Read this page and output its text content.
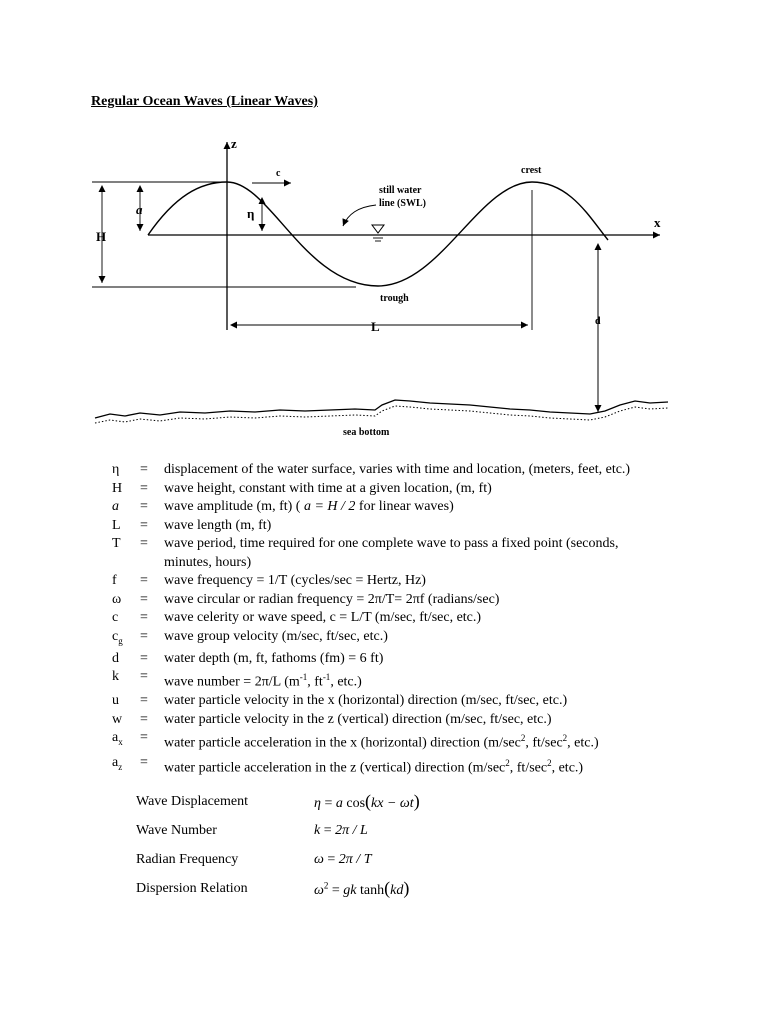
Regular Ocean Waves (Linear Waves)
z
x
c
H
a	η
crest
still water
line (SWL)
trough
L	d
sea bottom
η	=	displacement of the water surface, varies with time and location, (meters, feet, etc.)
H	=	wave height, constant with time at a given location, (m, ft)
a	=	wave amplitude (m, ft) ( a = H / 2 for linear waves)
L	=	wave length (m, ft)
T	=	wave period, time required for one complete wave to pass a fixed point (seconds,
minutes, hours)
f	=	wave frequency = 1/T (cycles/sec = Hertz, Hz)
ω	=	wave circular or radian frequency = 2π/T= 2πf (radians/sec)
c	=	wave celerity or wave speed, c = L/T (m/sec, ft/sec, etc.)
$c_g$	=	wave group velocity (m/sec, ft/sec, etc.)
d	=	water depth (m, ft, fathoms (fm) = 6 ft)
k	=	wave number = 2π/L ($m^{-1}$, $ft^{-1}$, etc.)
u	=	water particle velocity in the x (horizontal) direction (m/sec, ft/sec, etc.)
w	=	water particle velocity in the z (vertical) direction (m/sec, ft/sec, etc.)
$a_x$	=	water particle acceleration in the x (horizontal) direction ($m/\sec^2$, $ft/\sec^2$, etc.)
$a_z$	=	water particle acceleration in the z (vertical) direction ($m/\sec^2$, $ft/\sec^2$, etc.)
Wave Displacement	η = a cos(kx − ωt)
Wave Number	k = 2π / L
Radian Frequency	ω = 2π / T
Dispersion Relation	$\omega^2$ = gk tanh(kd)
